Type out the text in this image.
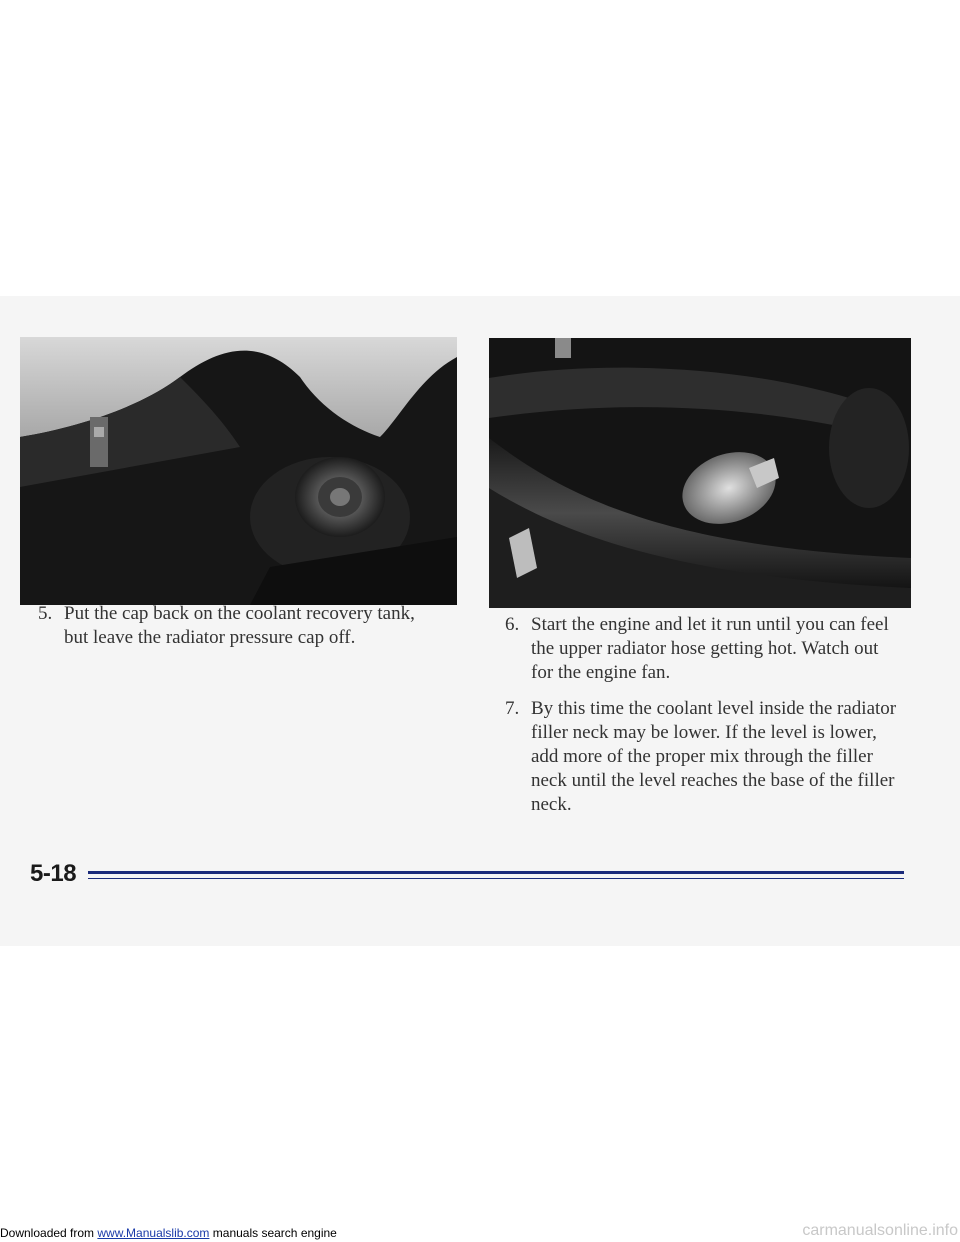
5. Put the cap back on the coolant recovery tank, but leave the radiator pressure cap off.
6. Start the engine and let it run until you can feel the upper radiator hose getting hot. Watch out for the engine fan.
7. By this time the coolant level inside the radiator filler neck may be lower. If the level is lower, add more of the proper mix through the filler neck until the level reaches the base of the filler neck.
5-18
Downloaded from www.Manualslib.com manuals search engine	carmanualsonline.info
